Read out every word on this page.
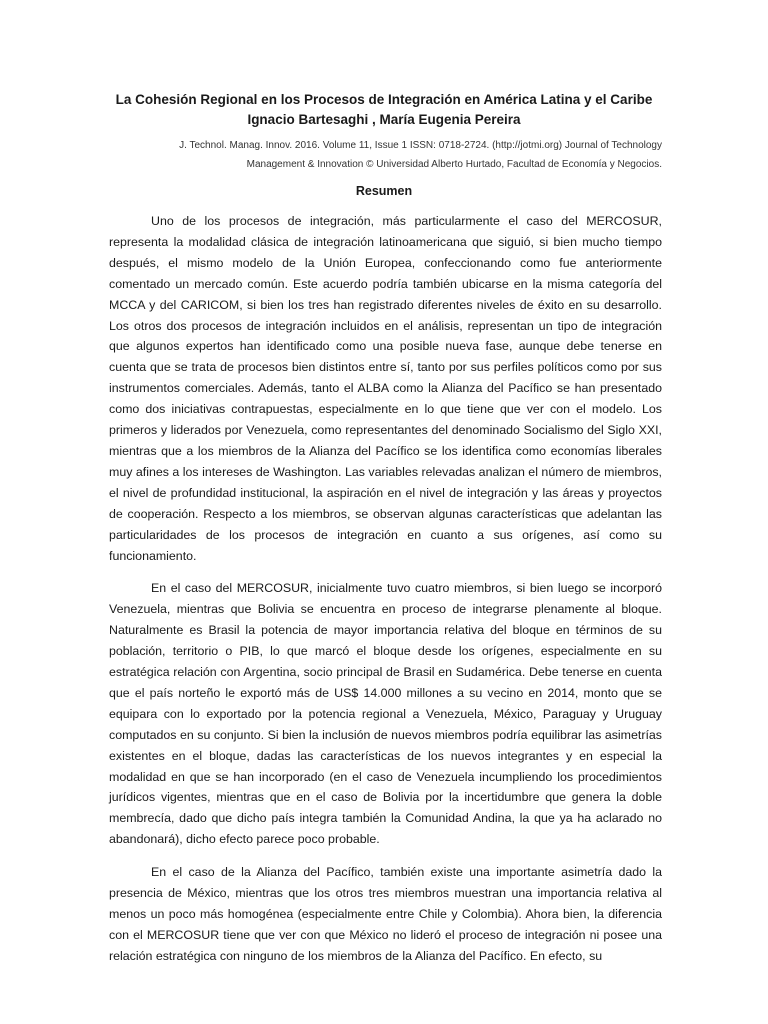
La Cohesión Regional en los Procesos de Integración en América Latina y el Caribe
Ignacio Bartesaghi , María Eugenia Pereira
J. Technol. Manag. Innov. 2016. Volume 11, Issue 1 ISSN: 0718-2724. (http://jotmi.org) Journal of Technology
Management & Innovation © Universidad Alberto Hurtado, Facultad de Economía y Negocios.
Resumen

Uno de los procesos de integración, más particularmente el caso del MERCOSUR, representa la modalidad clásica de integración latinoamericana que siguió, si bien mucho tiempo después, el mismo modelo de la Unión Europea, confeccionando como fue anteriormente comentado un mercado común. Este acuerdo podría también ubicarse en la misma categoría del MCCA y del CARICOM, si bien los tres han registrado diferentes niveles de éxito en su desarrollo. Los otros dos procesos de integración incluidos en el análisis, representan un tipo de integración que algunos expertos han identificado como una posible nueva fase, aunque debe tenerse en cuenta que se trata de procesos bien distintos entre sí, tanto por sus perfiles políticos como por sus instrumentos comerciales. Además, tanto el ALBA como la Alianza del Pacífico se han presentado como dos iniciativas contrapuestas, especialmente en lo que tiene que ver con el modelo. Los primeros y liderados por Venezuela, como representantes del denominado Socialismo del Siglo XXI, mientras que a los miembros de la Alianza del Pacífico se los identifica como economías liberales muy afines a los intereses de Washington. Las variables relevadas analizan el número de miembros, el nivel de profundidad institucional, la aspiración en el nivel de integración y las áreas y proyectos de cooperación. Respecto a los miembros, se observan algunas características que adelantan las particularidades de los procesos de integración en cuanto a sus orígenes, así como su funcionamiento.

En el caso del MERCOSUR, inicialmente tuvo cuatro miembros, si bien luego se incorporó Venezuela, mientras que Bolivia se encuentra en proceso de integrarse plenamente al bloque. Naturalmente es Brasil la potencia de mayor importancia relativa del bloque en términos de su población, territorio o PIB, lo que marcó el bloque desde los orígenes, especialmente en su estratégica relación con Argentina, socio principal de Brasil en Sudamérica. Debe tenerse en cuenta que el país norteño le exportó más de US$ 14.000 millones a su vecino en 2014, monto que se equipara con lo exportado por la potencia regional a Venezuela, México, Paraguay y Uruguay computados en su conjunto. Si bien la inclusión de nuevos miembros podría equilibrar las asimetrías existentes en el bloque, dadas las características de los nuevos integrantes y en especial la modalidad en que se han incorporado (en el caso de Venezuela incumpliendo los procedimientos jurídicos vigentes, mientras que en el caso de Bolivia por la incertidumbre que genera la doble membrecía, dado que dicho país integra también la Comunidad Andina, la que ya ha aclarado no abandonará), dicho efecto parece poco probable.

En el caso de la Alianza del Pacífico, también existe una importante asimetría dado la presencia de México, mientras que los otros tres miembros muestran una importancia relativa al menos un poco más homogénea (especialmente entre Chile y Colombia). Ahora bien, la diferencia con el MERCOSUR tiene que ver con que México no lideró el proceso de integración ni posee una relación estratégica con ninguno de los miembros de la Alianza del Pacífico. En efecto, su
